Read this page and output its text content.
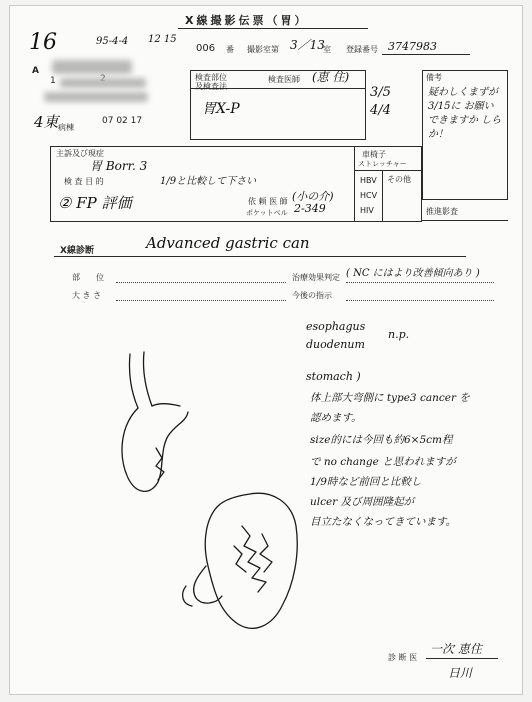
X線撮影伝票（胃）
16	95-4-4 12 15
006 番 撮影室第 3／13
室 登録番号 3747983
A
1
4東 病棟
07 02 17
検査部位
及検査法
検査医師 (恵 住)
胃X-P
3/5 4/4
備考
疑わしくまずが 3/15に お願い できますか しらか！
主訴及び現症
胃 Borr. 3
検 査 目 的	1/9と比較して下さい
② FP 評価	依 頼 医 師 (小の介)
ポケットベル 2-349
車椅子
ストレッチャー
HBV
HCV
HIV
その他
推進影査
X線診断	Advanced gastric can
部　　位
大 き さ
治療効果判定 ( NC にはより改善傾向あり )
今後の指示
esophagus
duodenum
n.p.
stomach )
体上部大弯側に type3 cancer を
認めます。
size的には今回も約6×5cm程
で no change と思われますが
1/9時など前回と比較し
ulcer 及び周囲隆起が
目立たなくなってきています。
診 断 医
一次 恵住
日川
